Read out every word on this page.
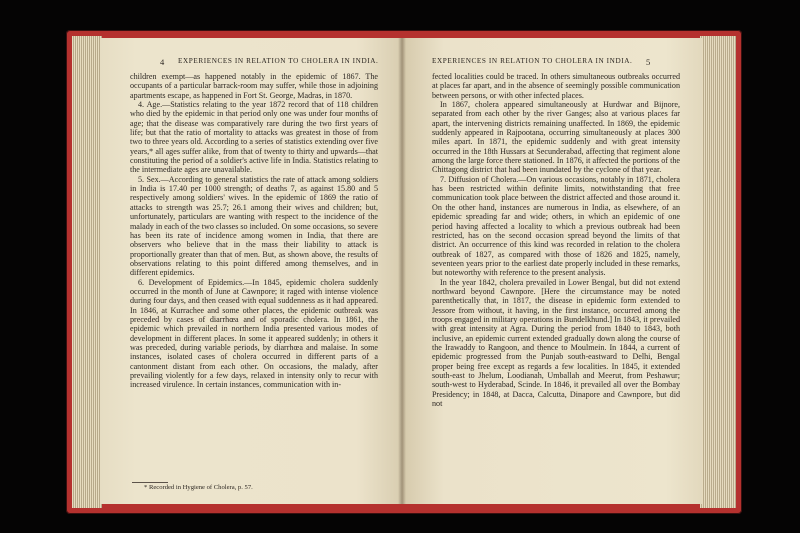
4 EXPERIENCES IN RELATION TO CHOLERA IN INDIA.

children exempt—as happened notably in the epidemic of 1867. The occupants of a particular barrack-room may suffer, while those in adjoining apartments escape, as happened in Fort St. George, Madras, in 1870.

4. Age.—Statistics relating to the year 1872 record that of 118 children who died by the epidemic in that period only one was under four months of age; that the disease was comparatively rare during the two first years of life; but that the ratio of mortality to attacks was greatest in those of from two to three years old. According to a series of statistics extending over five years,* all ages suffer alike, from that of twenty to thirty and upwards—that constituting the period of a soldier's active life in India. Statistics relating to the intermediate ages are unavailable.

5. Sex.—According to general statistics the rate of attack among soldiers in India is 17.40 per 1000 strength; of deaths 7, as against 15.80 and 5 respectively among soldiers' wives. In the epidemic of 1869 the ratio of attacks to strength was 25.7; 26.1 among their wives and children; but, unfortunately, particulars are wanting with respect to the incidence of the malady in each of the two classes so included. On some occasions, so severe has been its rate of incidence among women in India, that there are observers who believe that in the mass their liability to attack is proportionally greater than that of men. But, as shown above, the results of observations relating to this point differed among themselves, and in different epidemics.

6. Development of Epidemics.—In 1845, epidemic cholera suddenly occurred in the month of June at Cawnpore; it raged with intense violence during four days, and then ceased with equal suddenness as it had appeared. In 1846, at Kurrachee and some other places, the epidemic outbreak was preceded by cases of diarrhœa and of sporadic cholera. In 1861, the epidemic which prevailed in northern India presented various modes of development in different places. In some it appeared suddenly; in others it was preceded, during variable periods, by diarrhœa and malaise. In some instances, isolated cases of cholera occurred in different parts of a cantonment distant from each other. On occasions, the malady, after prevailing violently for a few days, relaxed in intensity only to recur with increased virulence. In certain instances, communication with in-

* Recorded in Hygiene of Cholera, p. 57.
EXPERIENCES IN RELATION TO CHOLERA IN INDIA. 5

fected localities could be traced. In others simultaneous outbreaks occurred at places far apart, and in the absence of seemingly possible communication between persons, or with other infected places.

In 1867, cholera appeared simultaneously at Hurdwar and Bijnore, separated from each other by the river Ganges; also at various places far apart, the intervening districts remaining unaffected. In 1869, the epidemic suddenly appeared in Rajpootana, occurring simultaneously at places 300 miles apart. In 1871, the epidemic suddenly and with great intensity occurred in the 18th Hussars at Secunderabad, affecting that regiment alone among the large force there stationed. In 1876, it affected the portions of the Chittagong district that had been inundated by the cyclone of that year.

7. Diffusion of Cholera.—On various occasions, notably in 1871, cholera has been restricted within definite limits, notwithstanding that free communication took place between the district affected and those around it. On the other hand, instances are numerous in India, as elsewhere, of an epidemic spreading far and wide; others, in which an epidemic of one period having affected a locality to which a previous outbreak had been restricted, has on the second occasion spread beyond the limits of that district. An occurrence of this kind was recorded in relation to the cholera outbreak of 1827, as compared with those of 1826 and 1825, namely, seventeen years prior to the earliest date properly included in these remarks, but noteworthy with reference to the present analysis.

In the year 1842, cholera prevailed in Lower Bengal, but did not extend northward beyond Cawnpore. [Here the circumstance may be noted parenthetically that, in 1817, the disease in epidemic form extended to Jessore from without, it having, in the first instance, occurred among the troops engaged in military operations in Bundelkhund.] In 1843, it prevailed with great intensity at Agra. During the period from 1840 to 1843, both inclusive, an epidemic current extended gradually down along the course of the Irawaddy to Rangoon, and thence to Moulmein. In 1844, a current of epidemic progressed from the Punjab south-eastward to Delhi, Bengal proper being free except as regards a few localities. In 1845, it extended south-east to Jhelum, Loodianah, Umballah and Meerut, from Peshawur; south-west to Hyderabad, Scinde. In 1846, it prevailed all over the Bombay Presidency; in 1848, at Dacca, Calcutta, Dinapore and Cawnpore, but did not
